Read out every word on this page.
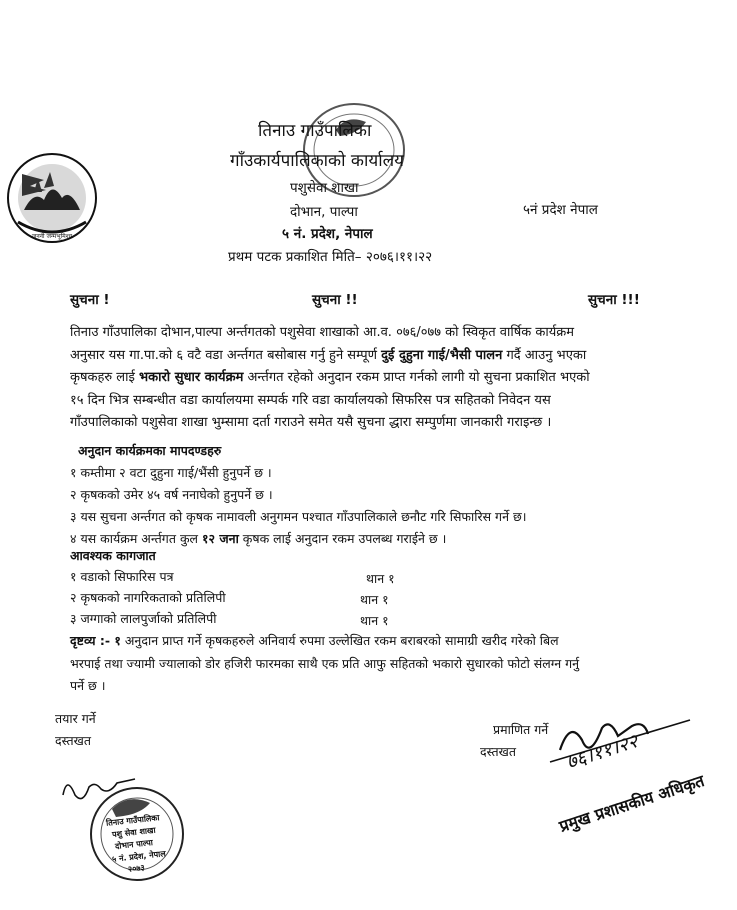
जननी जन्मभूमिश्च
तिनाउ गाउँपालिका
गाँउकार्यपालिकाको कार्यालय
पशुसेवा शाखा
दोभान, पाल्पा
५ नं. प्रदेश, नेपाल
५नं प्रदेश नेपाल
प्रथम पटक प्रकाशित मिति– २०७६।११।२२
सुचना !	सुचना !!	सुचना !!!
तिनाउ गाँउपालिका दोभान,पाल्पा अर्न्तगतको पशुसेवा शाखाको आ.व. ०७६/०७७ को स्विकृत वार्षिक कार्यक्रम
अनुसार यस गा.पा.को ६ वटै वडा अर्न्तगत बसोबास गर्नु हुने सम्पूर्ण दुई दुहुना गाई/भैसी पालन गर्दै आउनु भएका
कृषकहरु लाई भकारो सुधार कार्यक्रम अर्न्तगत रहेको अनुदान रकम प्राप्त गर्नको लागी यो सुचना प्रकाशित भएको
१५ दिन भित्र सम्बन्धीत वडा कार्यालयमा सम्पर्क गरि वडा कार्यालयको सिफरिस पत्र सहितको निवेदन यस
गाँउपालिकाको पशुसेवा शाखा भुम्सामा दर्ता गराउने समेत यसै सुचना द्धारा सम्पुर्णमा जानकारी गराइन्छ ।
अनुदान कार्यक्रमका मापदण्डहरु
१ कम्तीमा २ वटा दुहुना गाई/भैंसी हुनुपर्ने छ ।
२ कृषकको उमेर ४५ वर्ष ननाघेको हुनुपर्ने छ ।
३ यस सुचना अर्न्तगत को कृषक नामावली अनुगमन पश्चात गाँउपालिकाले छनौट गरि सिफारिस गर्ने छ।
४ यस कार्यक्रम अर्न्तगत कुल १२ जना कृषक लाई अनुदान रकम उपलब्ध गराईने छ ।
आवश्यक कागजात
१ वडाको सिफारिस पत्र	थान १
२ कृषकको नागरिकताको प्रतिलिपी	थान १
३ जग्गाको लालपुर्जाको प्रतिलिपी	थान १
दृष्टव्य :- १ अनुदान प्राप्त गर्ने कृषकहरुले अनिवार्य रुपमा उल्लेखित रकम बराबरको सामाग्री खरीद गरेको बिल
भरपाई तथा ज्यामी ज्यालाको डोर हजिरी फारमका साथै एक प्रति आफु सहितको भकारो सुधारको फोटो संलग्न गर्नु
पर्ने छ ।
तयार गर्ने
दस्तखत
प्रमाणित गर्ने
दस्तखत	७६।११।२२
प्रमुख प्रशासकीय अधिकृत
तिनाउ गाउँपालिका
पशु सेवा शाखा
दोभान पाल्पा
५ नं. प्रदेश, नेपाल
२०७३
